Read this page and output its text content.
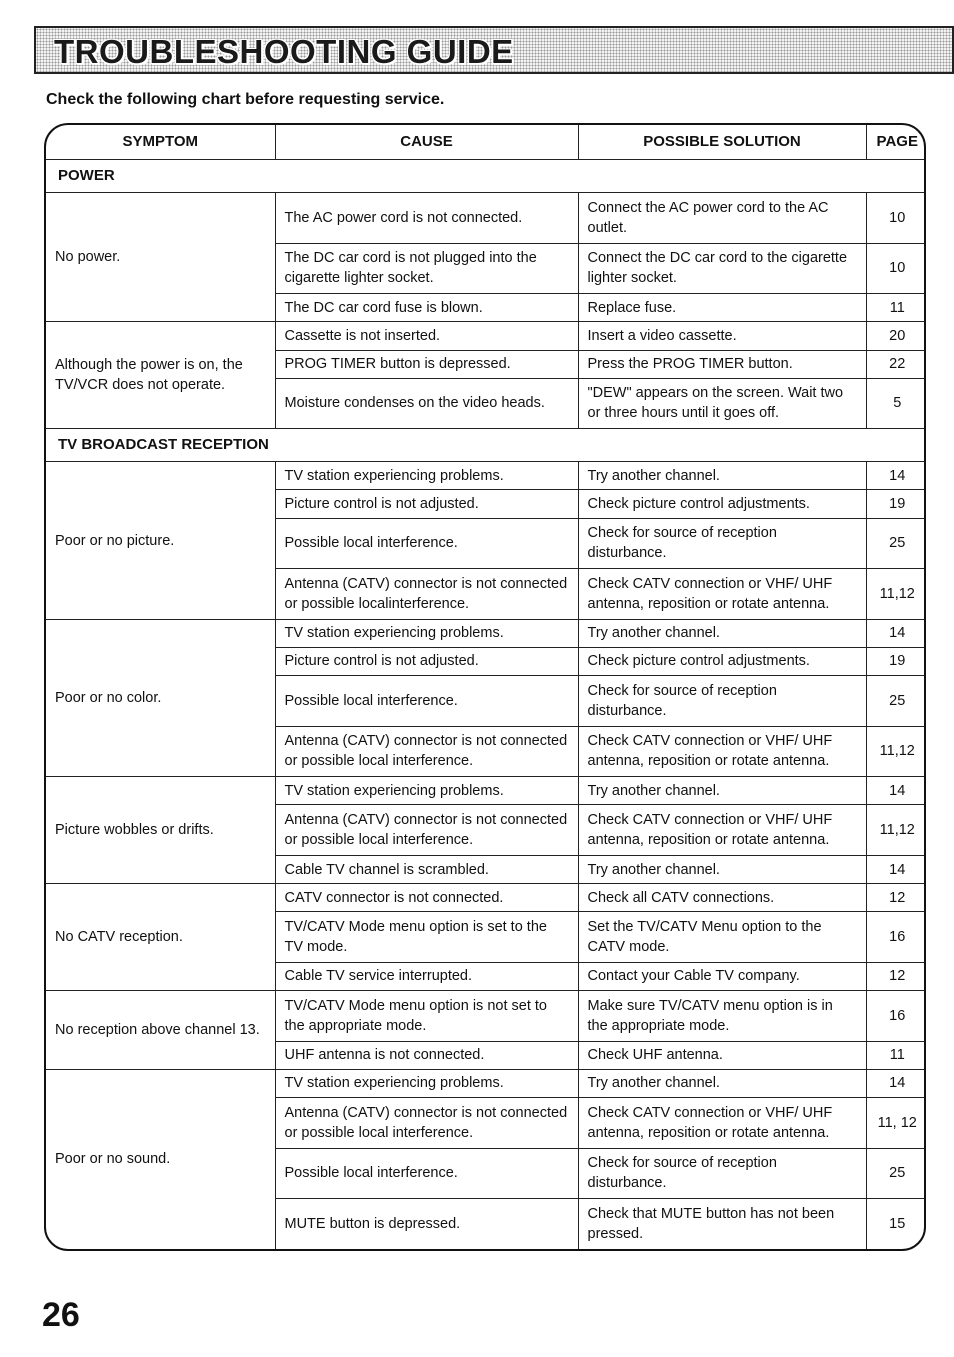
TROUBLESHOOTING GUIDE

Check the following chart before requesting service.

SYMPTOM	CAUSE	POSSIBLE SOLUTION	PAGE
POWER			
No power.	The AC power cord is not connected.	Connect the AC power cord to the AC outlet.	10
	The DC car cord is not plugged into the cigarette lighter socket.	Connect the DC car cord to the cigarette lighter socket.	10
	The DC car cord fuse is blown.	Replace fuse.	11
Although the power is on, the TV/VCR does not operate.	Cassette is not inserted.	Insert a video cassette.	20
	PROG TIMER button is depressed.	Press the PROG TIMER button.	22
	Moisture condenses on the video heads.	"DEW" appears on the screen. Wait two or three hours until it goes off.	5
TV BROADCAST RECEPTION			
Poor or no picture.	TV station experiencing problems.	Try another channel.	14
	Picture control is not adjusted.	Check picture control adjustments.	19
	Possible local interference.	Check for source of reception disturbance.	25
	Antenna (CATV) connector is not connected or possible localinterference.	Check CATV connection or VHF/ UHF antenna, reposition or rotate antenna.	11,12
Poor or no color.	TV station experiencing problems.	Try another channel.	14
	Picture control is not adjusted.	Check picture control adjustments.	19
	Possible local interference.	Check for source of reception disturbance.	25
	Antenna (CATV) connector is not connected or possible local interference.	Check CATV connection or VHF/ UHF antenna, reposition or rotate antenna.	11,12
Picture wobbles or drifts.	TV station experiencing problems.	Try another channel.	14
	Antenna (CATV) connector is not connected or possible local interference.	Check CATV connection or VHF/ UHF antenna, reposition or rotate antenna.	11,12
	Cable TV channel is scrambled.	Try another channel.	14
No CATV reception.	CATV connector is not connected.	Check all CATV connections.	12
	TV/CATV Mode menu option is set to the TV mode.	Set the TV/CATV Menu option to the CATV mode.	16
	Cable TV service interrupted.	Contact your Cable TV company.	12
No reception above channel 13.	TV/CATV Mode menu option is not set to the appropriate mode.	Make sure TV/CATV menu option is in the appropriate mode.	16
	UHF antenna is not connected.	Check UHF antenna.	11
Poor or no sound.	TV station experiencing problems.	Try another channel.	14
	Antenna (CATV) connector is not connected or possible local interference.	Check CATV connection or VHF/ UHF antenna, reposition or rotate antenna.	11, 12
	Possible local interference.	Check for source of reception disturbance.	25
	MUTE button is depressed.	Check that MUTE button has not been pressed.	15

26
